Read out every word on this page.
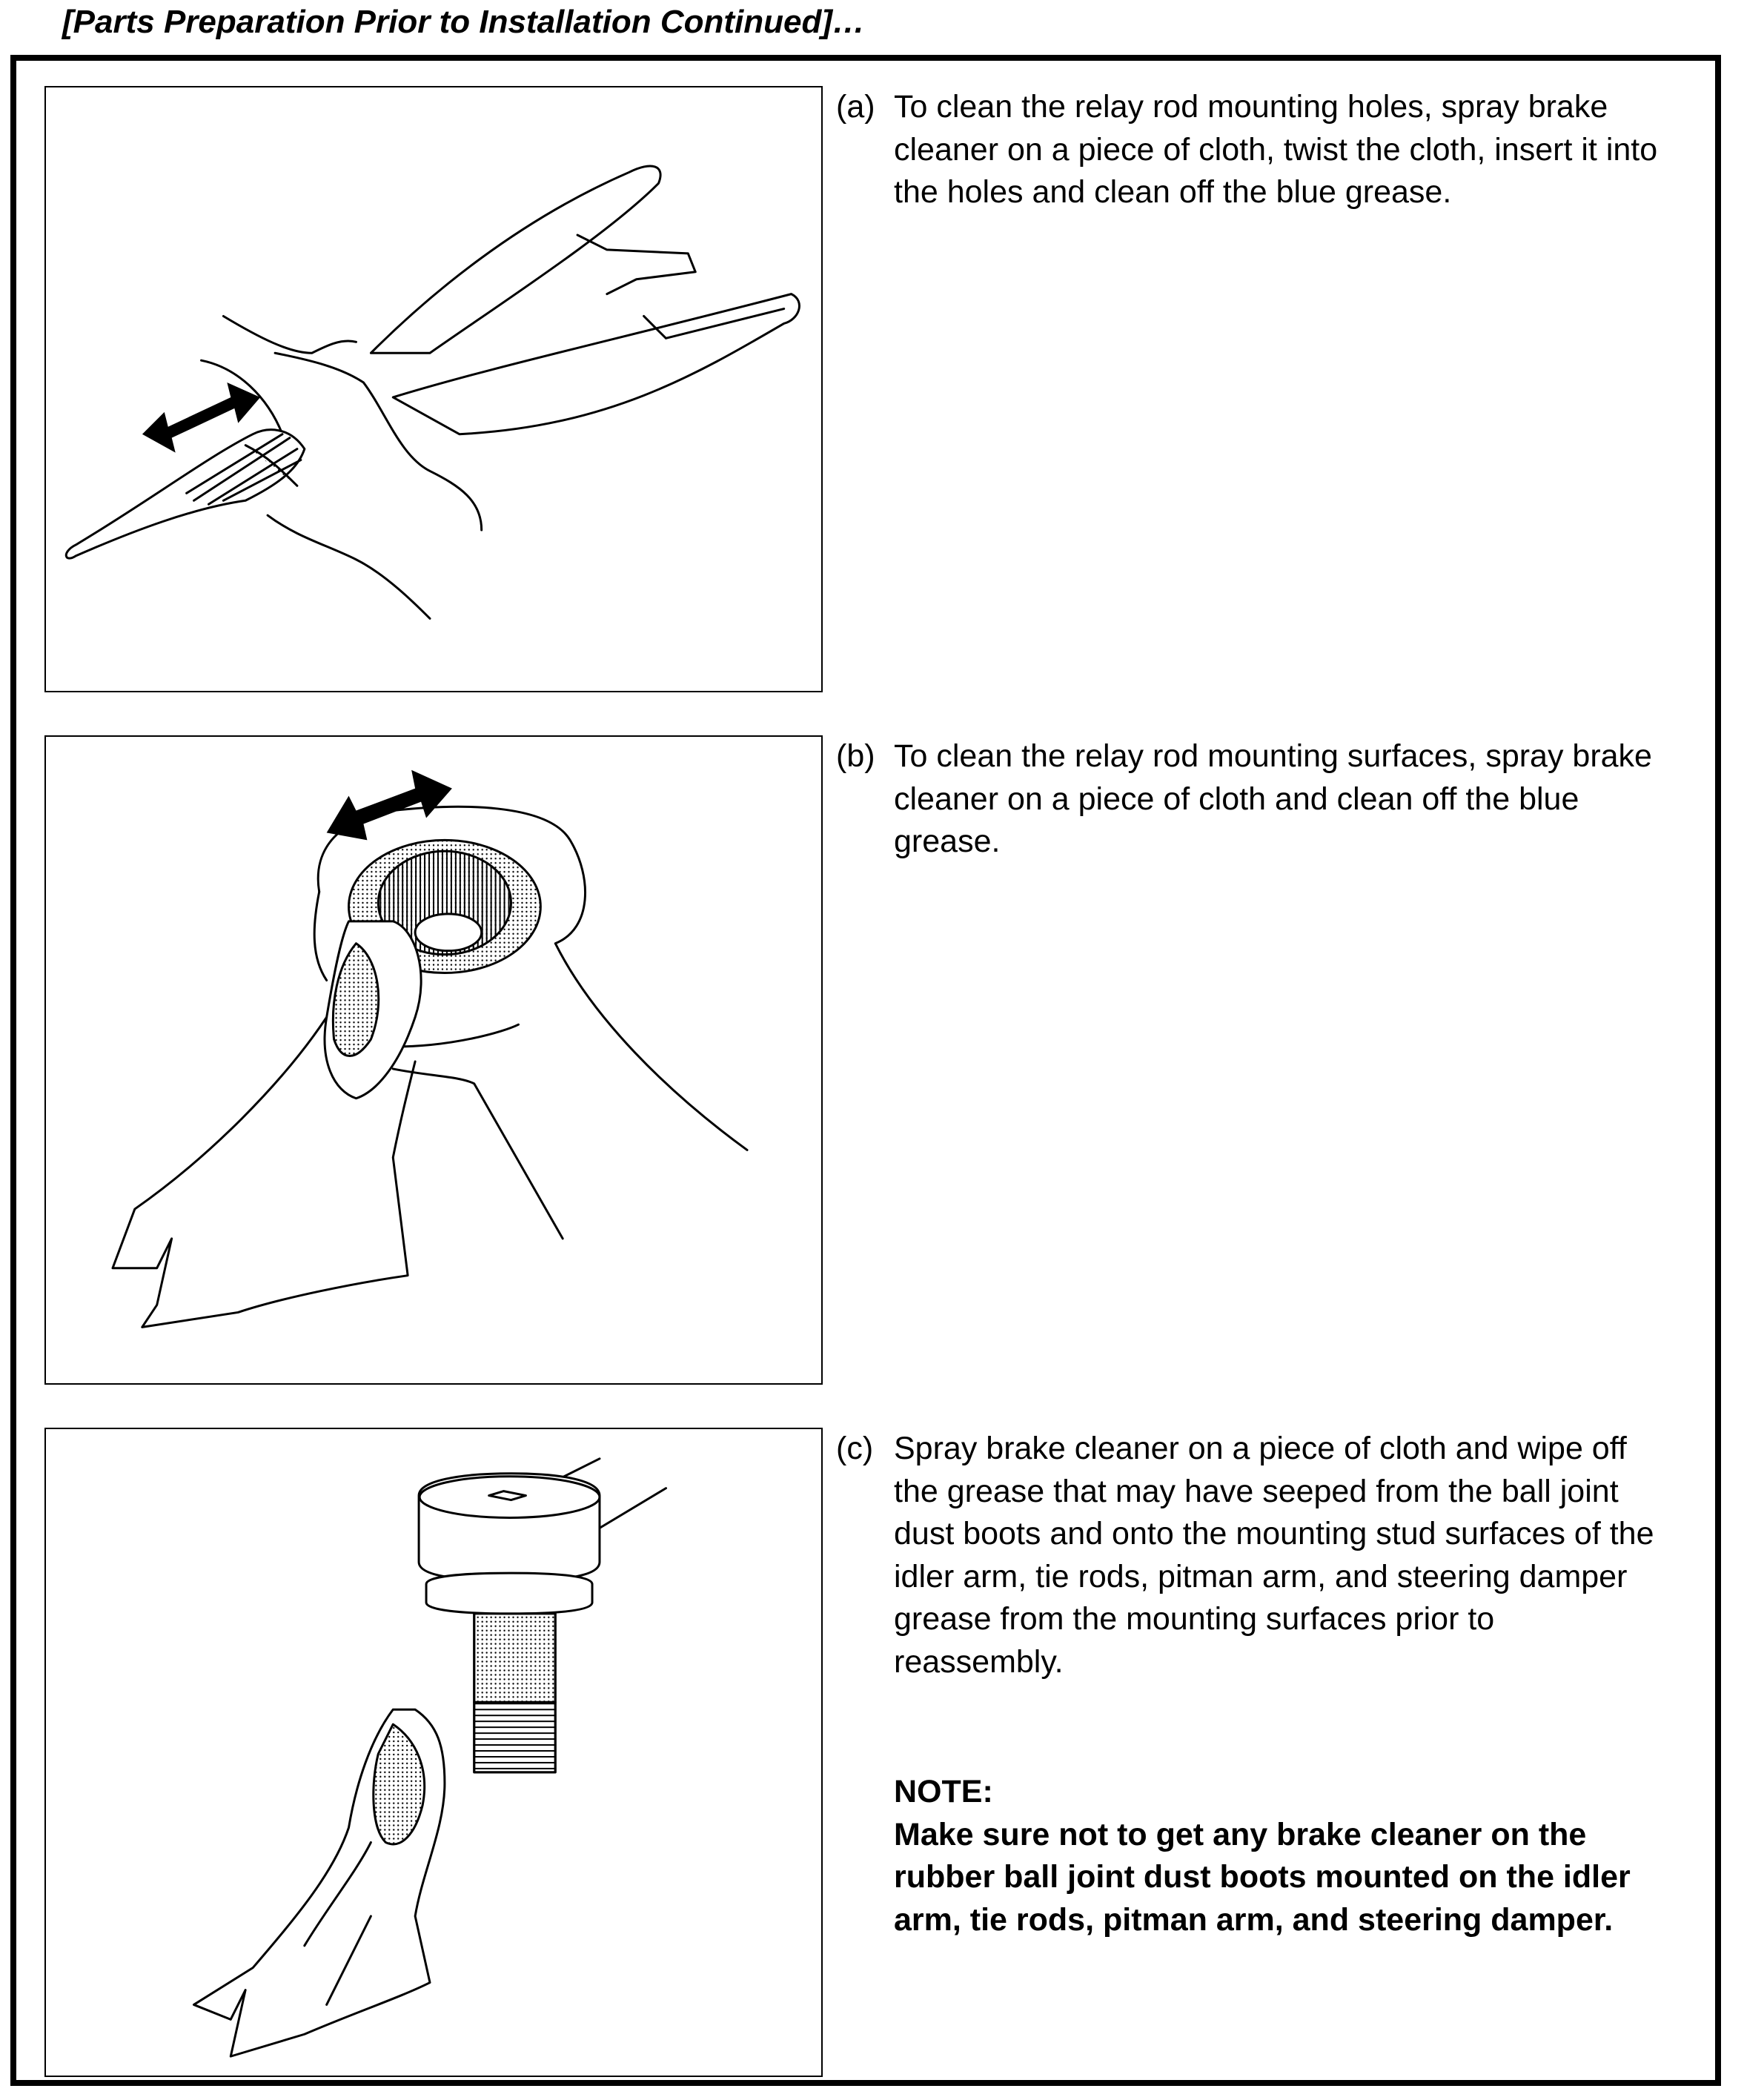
[Parts Preparation Prior to Installation Continued]…
(a) To clean the relay rod mounting holes, spray brake cleaner on a piece of cloth, twist the cloth, insert it into the holes and clean off the blue grease.
(b) To clean the relay rod mounting surfaces, spray brake cleaner on a piece of cloth and clean off the blue grease.
(c) Spray brake cleaner on a piece of cloth and wipe off the grease that may have seeped from the ball joint dust boots and onto the mounting stud surfaces of the idler arm, tie rods, pitman arm, and steering damper grease from the mounting surfaces prior to reassembly.
NOTE:
Make sure not to get any brake cleaner on the rubber ball joint dust boots mounted on the idler arm, tie rods, pitman arm, and steering damper.
